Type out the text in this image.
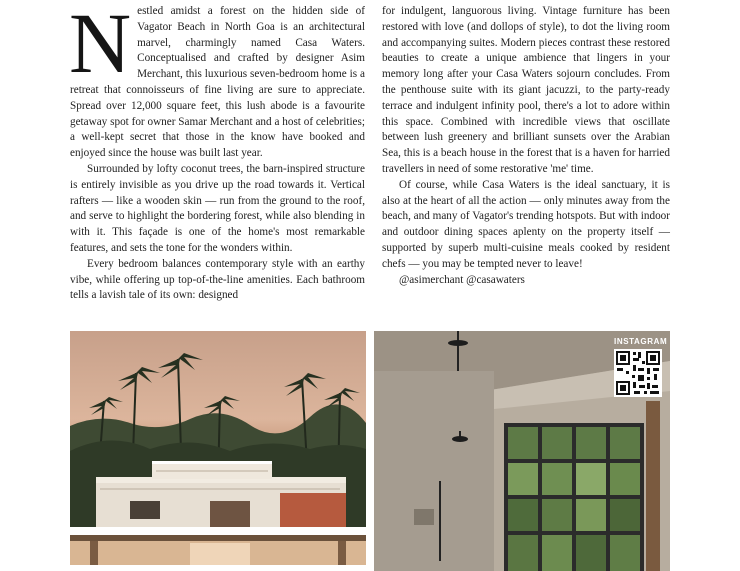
Nestled amidst a forest on the hidden side of Vagator Beach in North Goa is an architectural marvel, charmingly named Casa Waters. Conceptualised and crafted by designer Asim Merchant, this luxurious seven-bedroom home is a retreat that connoisseurs of fine living are sure to appreciate. Spread over 12,000 square feet, this lush abode is a favourite getaway spot for owner Samar Merchant and a host of celebrities; a well-kept secret that those in the know have booked and enjoyed since the house was built last year.

Surrounded by lofty coconut trees, the barn-inspired structure is entirely invisible as you drive up the road towards it. Vertical rafters — like a wooden skin — run from the ground to the roof, and serve to highlight the bordering forest, while also blending in with it. This façade is one of the home's most remarkable features, and sets the tone for the wonders within.

Every bedroom balances contemporary style with an earthy vibe, while offering up top-of-the-line amenities. Each bathroom tells a lavish tale of its own: designed

for indulgent, languorous living. Vintage furniture has been restored with love (and dollops of style), to dot the living room and accompanying suites. Modern pieces contrast these restored beauties to create a unique ambience that lingers in your memory long after your Casa Waters sojourn concludes. From the penthouse suite with its giant jacuzzi, to the party-ready terrace and indulgent infinity pool, there's a lot to adore within this space. Combined with incredible views that oscillate between lush greenery and brilliant sunsets over the Arabian Sea, this is a beach house in the forest that is a haven for harried travellers in need of some restorative 'me' time.

Of course, while Casa Waters is the ideal sanctuary, it is also at the heart of all the action — only minutes away from the beach, and many of Vagator's trending hotspots. But with indoor and outdoor dining spaces aplenty on the property itself — supported by superb multi-cuisine meals cooked by resident chefs — you may be tempted never to leave!

@asimerchant @casawaters

INSTAGRAM
